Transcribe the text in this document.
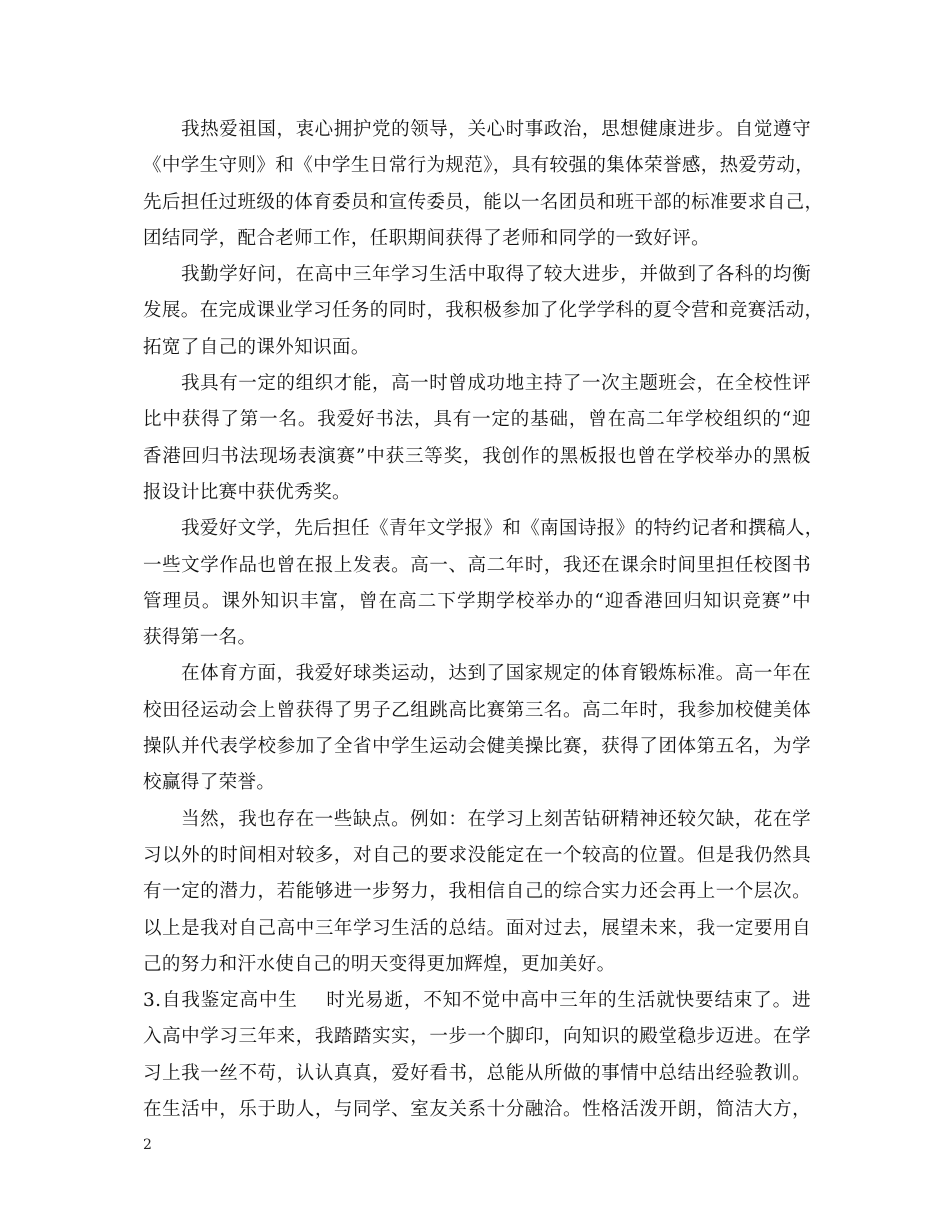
我热爱祖国，衷心拥护党的领导，关心时事政治，思想健康进步。自觉遵守
《中学生守则》和《中学生日常行为规范》，具有较强的集体荣誉感，热爱劳动，
先后担任过班级的体育委员和宣传委员，能以一名团员和班干部的标准要求自己，
团结同学，配合老师工作，任职期间获得了老师和同学的一致好评。
我勤学好问，在高中三年学习生活中取得了较大进步，并做到了各科的均衡
发展。在完成课业学习任务的同时，我积极参加了化学学科的夏令营和竞赛活动，
拓宽了自己的课外知识面。
我具有一定的组织才能，高一时曾成功地主持了一次主题班会，在全校性评
比中获得了第一名。我爱好书法，具有一定的基础，曾在高二年学校组织的“迎
香港回归书法现场表演赛”中获三等奖，我创作的黑板报也曾在学校举办的黑板
报设计比赛中获优秀奖。
我爱好文学，先后担任《青年文学报》和《南国诗报》的特约记者和撰稿人，
一些文学作品也曾在报上发表。高一、高二年时，我还在课余时间里担任校图书
管理员。课外知识丰富，曾在高二下学期学校举办的“迎香港回归知识竞赛”中
获得第一名。
在体育方面，我爱好球类运动，达到了国家规定的体育锻炼标准。高一年在
校田径运动会上曾获得了男子乙组跳高比赛第三名。高二年时，我参加校健美体
操队并代表学校参加了全省中学生运动会健美操比赛，获得了团体第五名，为学
校赢得了荣誉。
当然，我也存在一些缺点。例如：在学习上刻苦钻研精神还较欠缺，花在学
习以外的时间相对较多，对自己的要求没能定在一个较高的位置。但是我仍然具
有一定的潜力，若能够进一步努力，我相信自己的综合实力还会再上一个层次。
以上是我对自己高中三年学习生活的总结。面对过去，展望未来，我一定要用自
己的努力和汗水使自己的明天变得更加辉煌，更加美好。
3.自我鉴定高中生 时光易逝，不知不觉中高中三年的生活就快要结束了。进
入高中学习三年来，我踏踏实实，一步一个脚印，向知识的殿堂稳步迈进。在学
习上我一丝不苟，认认真真，爱好看书，总能从所做的事情中总结出经验教训。
在生活中，乐于助人，与同学、室友关系十分融洽。性格活泼开朗，简洁大方，
2
